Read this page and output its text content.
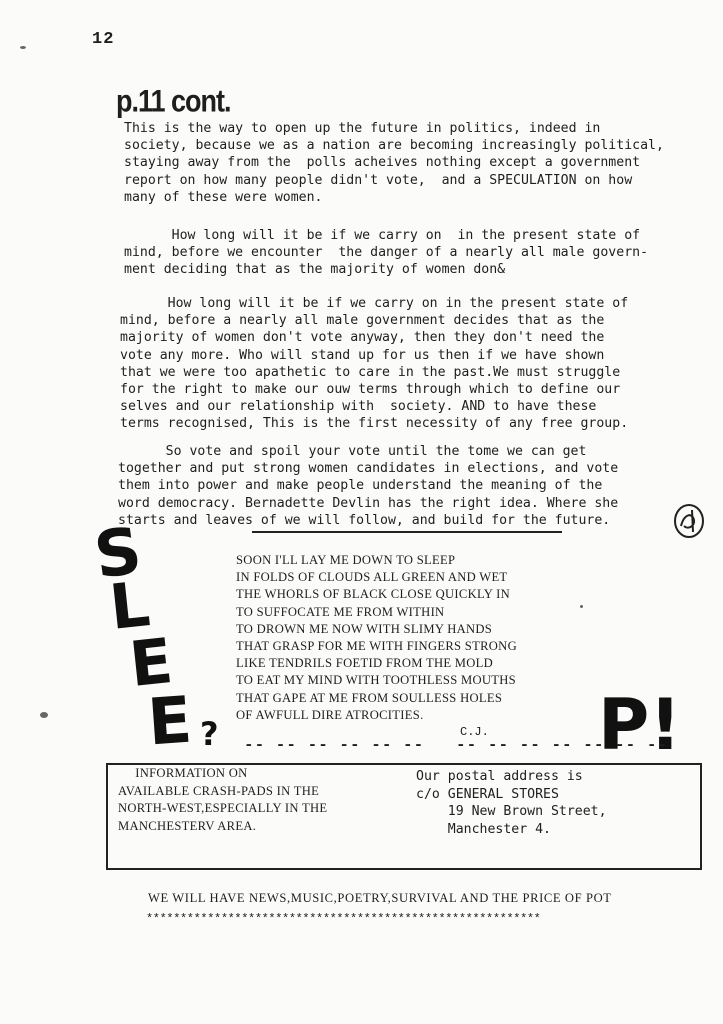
12
p.11 cont.
This is the way to open up the future in politics, indeed in
society, because we as a nation are becoming increasingly political,
staying away from the  polls acheives nothing except a government
report on how many people didn't vote,  and a SPECULATION on how
many of these were women.
How long will it be if we carry on  in the present state of
mind, before we encounter  the danger of a nearly all male govern-
ment deciding that as the majority of women don&
How long will it be if we carry on in the present state of
mind, before a nearly all male government decides that as the
majority of women don't vote anyway, then they don't need the
vote any more. Who will stand up for us then if we have shown
that we were too apathetic to care in the past.We must struggle
for the right to make our ouw terms through which to define our
selves and our relationship with  society. AND to have these
terms recognised, This is the first necessity of any free group.
So vote and spoil your vote until the tome we can get
together and put strong women candidates in elections, and vote
them into power and make people understand the meaning of the
word democracy. Bernadette Devlin has the right idea. Where she
starts and leaves of we will follow, and build for the future.
S
L
E
E ?	P!
SOON I'LL LAY ME DOWN TO SLEEP
IN FOLDS OF CLOUDS ALL GREEN AND WET
THE WHORLS OF BLACK CLOSE QUICKLY IN
TO SUFFOCATE ME FROM WITHIN
TO DROWN ME NOW WITH SLIMY HANDS
THAT GRASP FOR ME WITH FINGERS STRONG
LIKE TENDRILS FOETID FROM THE MOLD
TO EAT MY MIND WITH TOOTHLESS MOUTHS
THAT GAPE AT ME FROM SOULLESS HOLES
OF AWFULL DIRE ATROCITIES.
C.J.
-- -- -- -- -- --   -- -- -- -- -- -- --
INFORMATION ON
AVAILABLE CRASH-PADS IN THE
NORTH-WEST,ESPECIALLY IN THE
MANCHESTERV AREA.
Our postal address is
c/o GENERAL STORES
19 New Brown Street,
Manchester 4.
WE WILL HAVE NEWS,MUSIC,POETRY,SURVIVAL AND THE PRICE OF POT
**********************************************************
